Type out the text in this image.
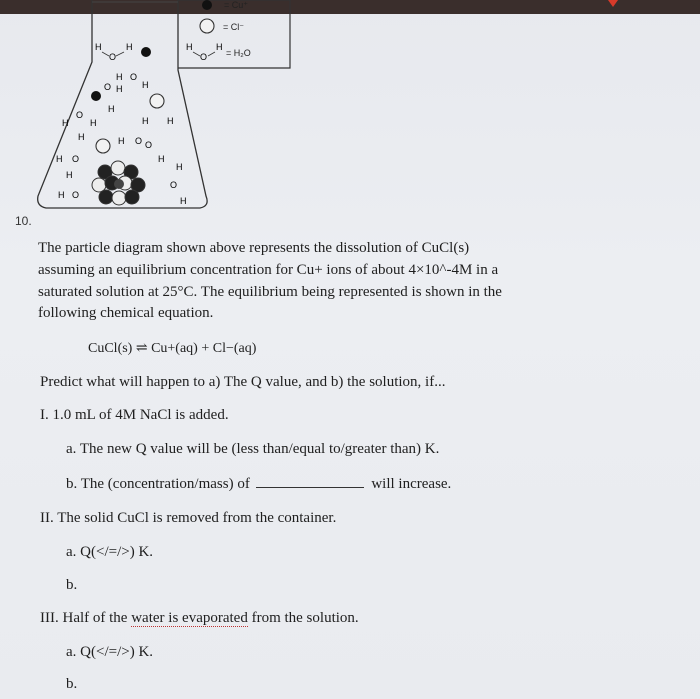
= Cu⁺
= Cl⁻
H
O
H
= H₂O
H
O
H
H O
H
O H
H
H
O
H	H H
H	H O O
H O
H
H
H
O
H
H O
10.
The particle diagram shown above represents the dissolution of CuCl(s)
assuming an equilibrium concentration for Cu+ ions of about 4×10^-4M in a
saturated solution at 25°C. The equilibrium being represented is shown in the
following chemical equation.
CuCl(s) ⇌ Cu+(aq) + Cl−(aq)
Predict what will happen to a) The Q value, and b) the solution, if...
I. 1.0 mL of 4M NaCl is added.
a. The new Q value will be (less than/equal to/greater than) K.
b. The (concentration/mass) of	will increase.
II. The solid CuCl is removed from the container.
a. Q(</=/>) K.
b.
III. Half of the water is evaporated from the solution.
a. Q(</=/>) K.
b.
